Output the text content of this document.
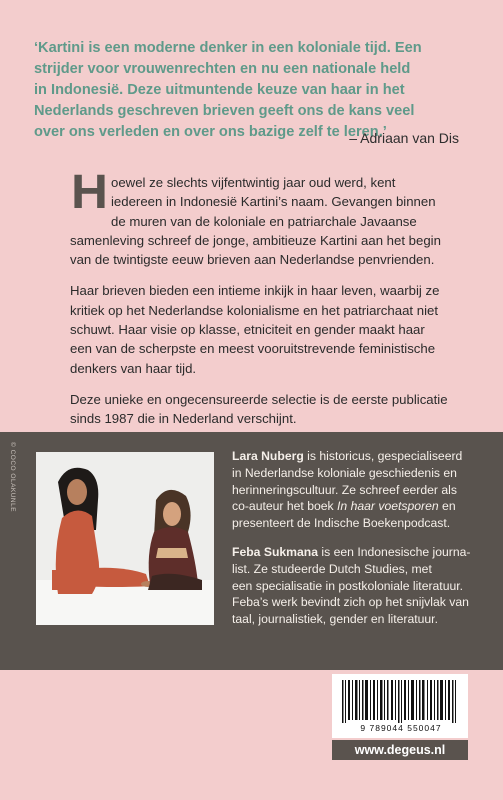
‘Kartini is een moderne denker in een koloniale tijd. Een
strijder voor vrouwenrechten en nu een nationale held
in Indonesië. Deze uitmuntende keuze van haar in het
Nederlands geschreven brieven geeft ons de kans veel
over ons verleden en over ons bazige zelf te leren.’

– Adriaan van Dis
H oewel ze slechts vijfentwintig jaar oud werd, kent
iedereen in Indonesië Kartini’s naam. Gevangen binnen
de muren van de koloniale en patriarchale Javaanse
samenleving schreef de jonge, ambitieuze Kartini aan het begin
van de twintigste eeuw brieven aan Nederlandse penvrienden.

Haar brieven bieden een intieme inkijk in haar leven, waarbij ze
kritiek op het Nederlandse kolonialisme en het patriarchaat niet
schuwt. Haar visie op klasse, etniciteit en gender maakt haar
een van de scherpste en meest vooruitstrevende feministische
denkers van haar tijd.

Deze unieke en ongecensureerde selectie is de eerste publicatie
sinds 1987 die in Nederland verschijnt.

© COCO OLAKUNLE	Lara Nuberg is historicus, gespecialiseerd
in Nederlandse koloniale geschiedenis en
herinneringscultuur. Ze schreef eerder als
co-auteur het boek In haar voetsporen en
presenteert de Indische Boekenpodcast.

Feba Sukmana is een Indonesische journa-
list. Ze studeerde Dutch Studies, met
een specialisatie in postkoloniale literatuur.
Feba’s werk bevindt zich op het snijvlak van
taal, journalistiek, gender en literatuur.

9 789044 550047
www.degeus.nl
